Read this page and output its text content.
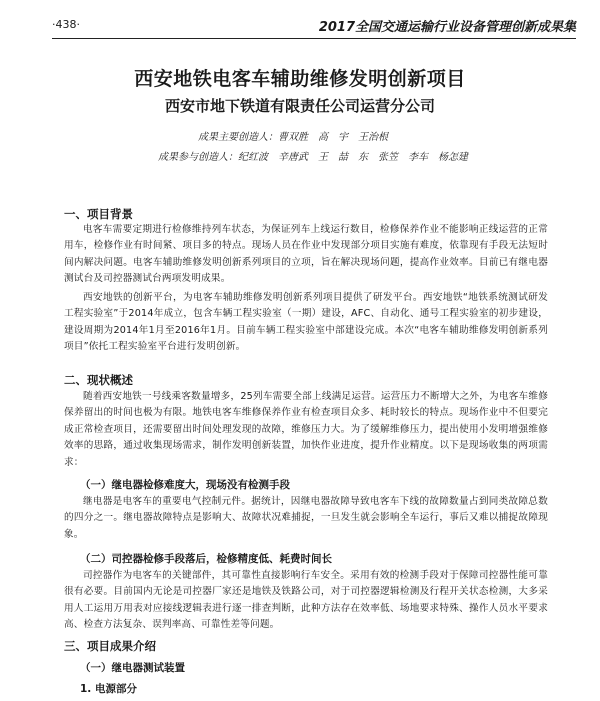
·438·	2017全国交通运输行业设备管理创新成果集
西安地铁电客车辅助维修发明创新项目
西安市地下铁道有限责任公司运营分公司
成果主要创造人：曹双胜　高　宇　王治根
成果参与创造人：纪红波　辛唐武　王　喆　东　张笠　李车　杨怎建
一、项目背景
电客车需要定期进行检修维持列车状态，为保证列车上线运行数目，检修保养作业不能影响正线运营的正常用车，检修作业有时间紧、项目多的特点。现场人员在作业中发现部分项目实施有难度，依靠现有手段无法短时间内解决问题。电客车辅助维修发明创新系列项目的立项，旨在解决现场问题，提高作业效率。目前已有继电器测试台及司控器测试台两项发明成果。
西安地铁的创新平台，为电客车辅助维修发明创新系列项目提供了研发平台。西安地铁“地铁系统测试研发工程实验室”于2014年成立，包含车辆工程实验室（一期）建设，AFC、自动化、通号工程实验室的初步建设，建设周期为2014年1月至2016年1月。目前车辆工程实验室中部建设完成。本次“电客车辅助维修发明创新系列项目”依托工程实验室平台进行发明创新。
二、现状概述
随着西安地铁一号线乘客数量增多，25列车需要全部上线满足运营。运营压力不断增大之外，为电客车维修保养留出的时间也极为有限。地铁电客车维修保养作业有检查项目众多、耗时较长的特点。现场作业中不但要完成正常检查项目，还需要留出时间处理发现的故障，维修压力大。为了缓解维修压力，提出使用小发明增强维修效率的思路，通过收集现场需求，制作发明创新装置，加快作业进度，提升作业精度。以下是现场收集的两项需求：
（一）继电器检修难度大，现场没有检测手段
继电器是电客车的重要电气控制元件。据统计，因继电器故障导致电客车下线的故障数量占到同类故障总数的四分之一。继电器故障特点是影响大、故障状况难捕捉，一旦发生就会影响全车运行，事后又难以捕捉故障现象。
（二）司控器检修手段落后，检修精度低、耗费时间长
司控器作为电客车的关键部件，其可靠性直接影响行车安全。采用有效的检测手段对于保障司控器性能可靠很有必要。目前国内无论是司控器厂家还是地铁及铁路公司，对于司控器逻辑检测及行程开关状态检测，大多采用人工运用万用表对应接线逻辑表进行逐一排查判断，此种方法存在效率低、场地要求特殊、操作人员水平要求高、检查方法复杂、误判率高、可靠性差等问题。
三、项目成果介绍
（一）继电器测试装置
1. 电源部分
